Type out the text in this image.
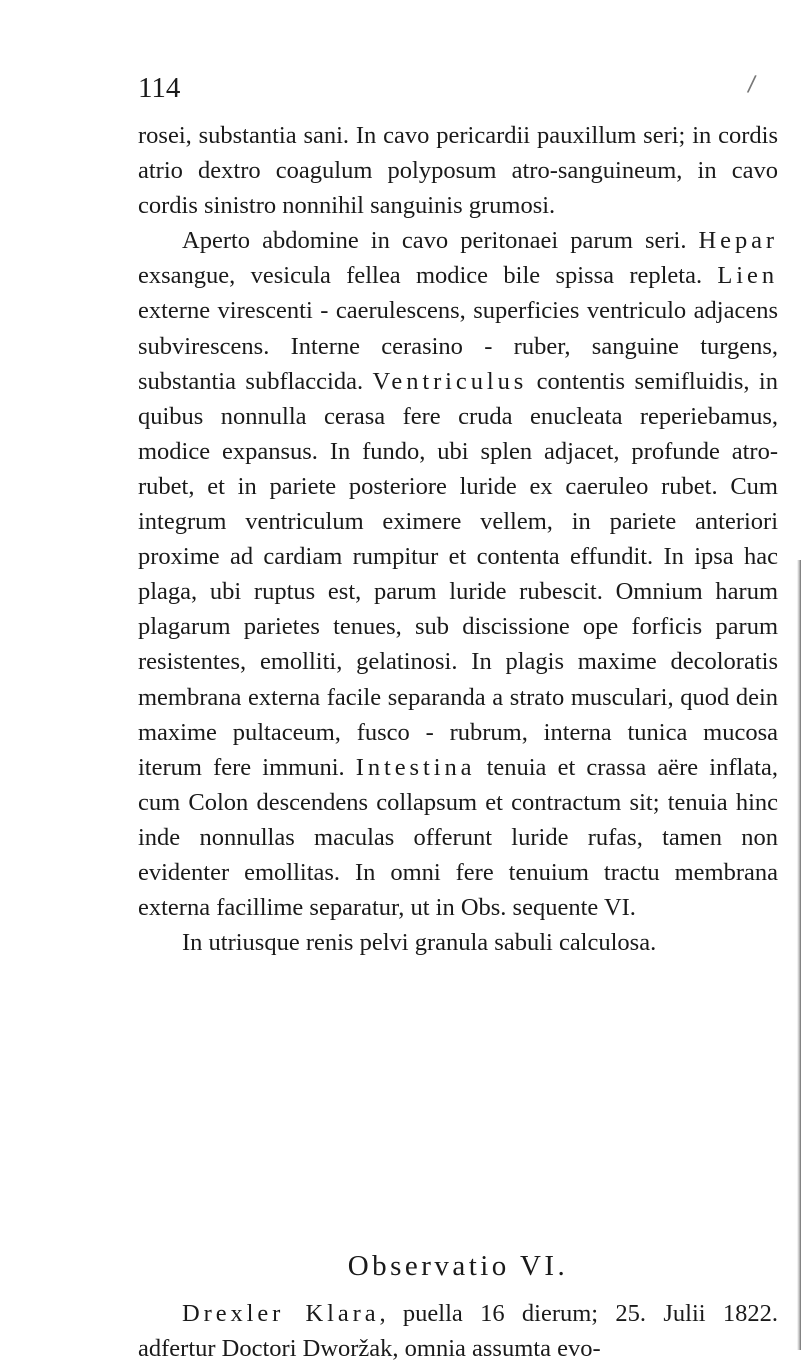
114	/

rosei, substantia sani. In cavo pericardii pauxillum seri; in cordis atrio dextro coagulum polyposum atro-sanguineum, in cavo cordis sinistro nonnihil sanguinis grumosi.

Aperto abdomine in cavo peritonaei parum seri. Hepar exsangue, vesicula fellea modice bile spissa repleta. Lien externe virescenti - caerulescens, superficies ventriculo adjacens subvirescens. Interne cerasino - ruber, sanguine turgens, substantia subflaccida. Ventriculus contentis semifluidis, in quibus nonnulla cerasa fere cruda enucleata reperiebamus, modice expansus. In fundo, ubi splen adjacet, profunde atro-rubet, et in pariete posteriore luride ex caeruleo rubet. Cum integrum ventriculum eximere vellem, in pariete anteriori proxime ad cardiam rumpitur et contenta effundit. In ipsa hac plaga, ubi ruptus est, parum luride rubescit. Omnium harum plagarum parietes tenues, sub discissione ope forficis parum resistentes, emolliti, gelatinosi. In plagis maxime decoloratis membrana externa facile separanda a strato musculari, quod dein maxime pultaceum, fusco - rubrum, interna tunica mucosa iterum fere immuni. Intestina tenuia et crassa aëre inflata, cum Colon descendens collapsum et contractum sit; tenuia hinc inde nonnullas maculas offerunt luride rufas, tamen non evidenter emollitas. In omni fere tenuium tractu membrana externa facillime separatur, ut in Obs. sequente VI.

In utriusque renis pelvi granula sabuli calculosa.

Observatio VI.

Drexler Klara, puella 16 dierum; 25. Julii 1822. adfertur Doctori Dworžak, omnia assumta evo-
